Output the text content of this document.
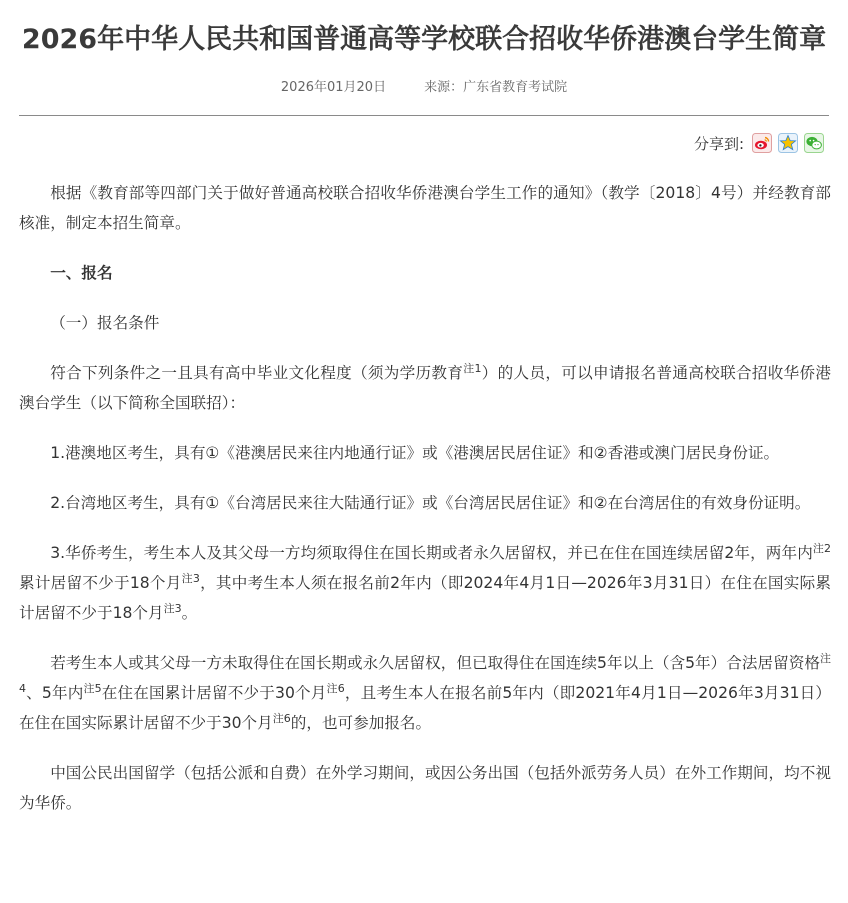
2026年中华人民共和国普通高等学校联合招收华侨港澳台学生简章
2026年01月20日	来源：广东省教育考试院
分享到:

根据《教育部等四部门关于做好普通高校联合招收华侨港澳台学生工作的通知》（教学〔2018〕4号）并经教育部核准，制定本招生简章。

一、报名

（一）报名条件

符合下列条件之一且具有高中毕业文化程度（须为学历教育$^{注1}$）的人员，可以申请报名普通高校联合招收华侨港澳台学生（以下简称全国联招）：

1.港澳地区考生，具有①《港澳居民来往内地通行证》或《港澳居民居住证》和②香港或澳门居民身份证。

2.台湾地区考生，具有①《台湾居民来往大陆通行证》或《台湾居民居住证》和②在台湾居住的有效身份证明。

3.华侨考生，考生本人及其父母一方均须取得住在国长期或者永久居留权，并已在住在国连续居留2年，两年内$^{注2}$累计居留不少于18个月$^{注3}$，其中考生本人须在报名前2年内（即2024年4月1日—2026年3月31日）在住在国实际累计居留不少于18个月$^{注3}$。

若考生本人或其父母一方未取得住在国长期或永久居留权，但已取得住在国连续5年以上（含5年）合法居留资格$^{注4}$、5年内$^{注5}$在住在国累计居留不少于30个月$^{注6}$，且考生本人在报名前5年内（即2021年4月1日—2026年3月31日）在住在国实际累计居留不少于30个月$^{注6}$的，也可参加报名。

中国公民出国留学（包括公派和自费）在外学习期间，或因公务出国（包括外派劳务人员）在外工作期间，均不视为华侨。
